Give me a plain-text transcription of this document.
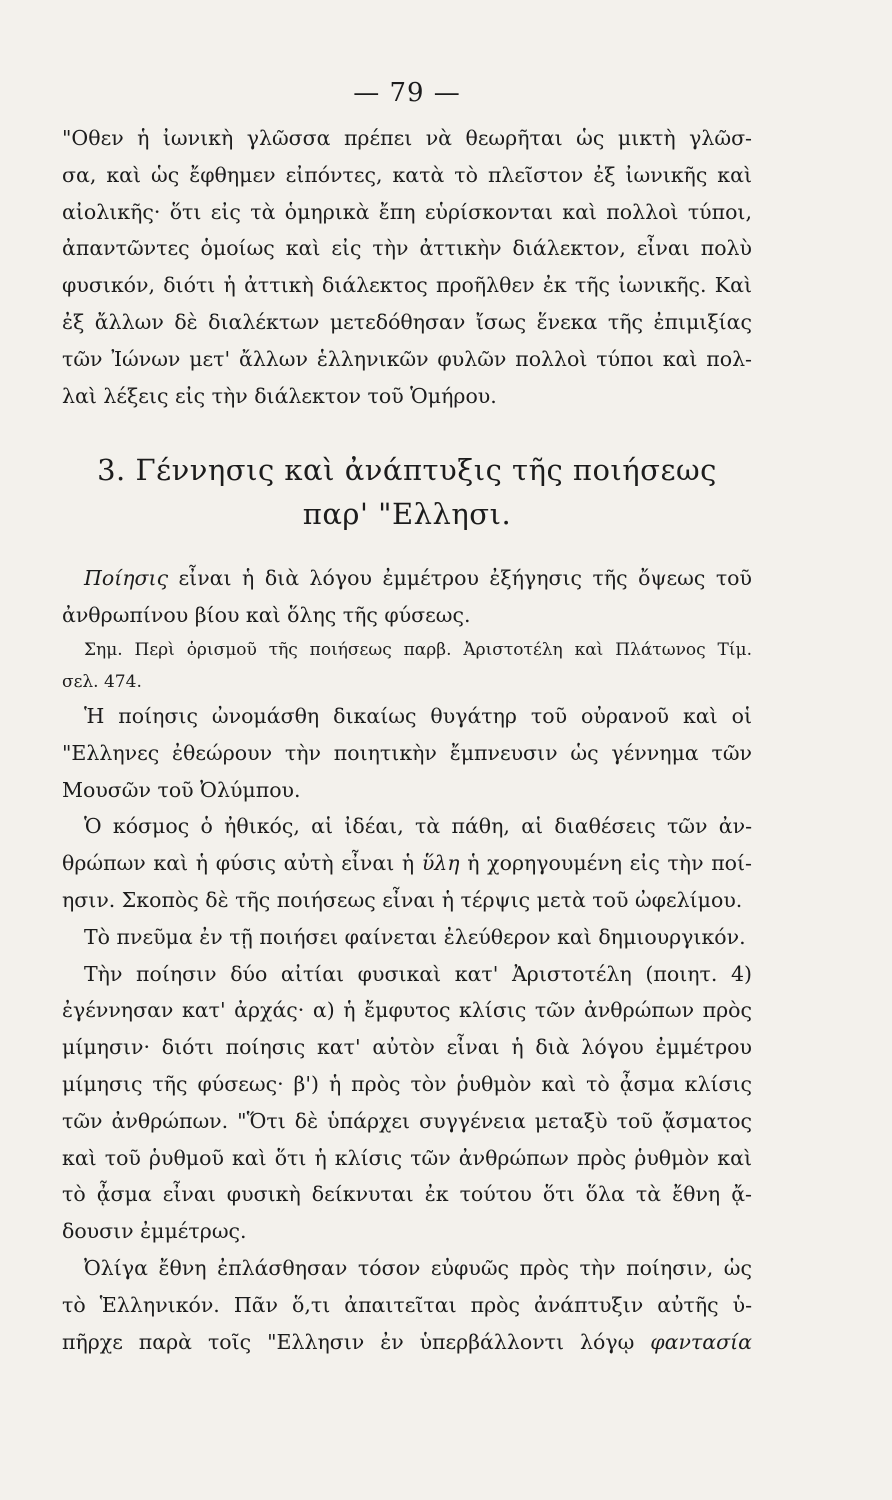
— 79 —
"Οθεν ἡ ἰωνικὴ γλῶσσα πρέπει νὰ θεωρῆται ὡς μικτὴ γλῶσ-
σα, καὶ ὡς ἔφθημεν εἰπόντες, κατὰ τὸ πλεῖστον ἐξ ἰωνικῆς καὶ
αἰολικῆς· ὅτι εἰς τὰ ὁμηρικὰ ἔπη εὑρίσκονται καὶ πολλοὶ τύποι,
ἀπαντῶντες ὁμοίως καὶ εἰς τὴν ἀττικὴν διάλεκτον, εἶναι πολὺ
φυσικόν, διότι ἡ ἀττικὴ διάλεκτος προῆλθεν ἐκ τῆς ἰωνικῆς. Καὶ
ἐξ ἄλλων δὲ διαλέκτων μετεδόθησαν ἴσως ἕνεκα τῆς ἐπιμιξίας
τῶν Ἰώνων μετ' ἄλλων ἑλληνικῶν φυλῶν πολλοὶ τύποι καὶ πολ-
λαὶ λέξεις εἰς τὴν διάλεκτον τοῦ Ὁμήρου.
3. Γέννησις καὶ ἀνάπτυξις τῆς ποιήσεως
παρ' "Ελλησι.
Ποίησις εἶναι ἡ διὰ λόγου ἐμμέτρου ἐξήγησις τῆς ὄψεως τοῦ
ἀνθρωπίνου βίου καὶ ὅλης τῆς φύσεως.
Σημ. Περὶ ὁρισμοῦ τῆς ποιήσεως παρβ. Ἀριστοτέλη καὶ Πλάτωνος Τίμ.
σελ. 474.
Ἡ ποίησις ὠνομάσθη δικαίως θυγάτηρ τοῦ οὐρανοῦ καὶ οἱ
"Ελληνες ἐθεώρουν τὴν ποιητικὴν ἔμπνευσιν ὡς γέννημα τῶν
Μουσῶν τοῦ Ὀλύμπου.
Ὁ κόσμος ὁ ἠθικός, αἱ ἰδέαι, τὰ πάθη, αἱ διαθέσεις τῶν ἀν-
θρώπων καὶ ἡ φύσις αὐτὴ εἶναι ἡ ὕλη ἡ χορηγουμένη εἰς τὴν ποί-
ησιν. Σκοπὸς δὲ τῆς ποιήσεως εἶναι ἡ τέρψις μετὰ τοῦ ὠφελίμου.
Τὸ πνεῦμα ἐν τῇ ποιήσει φαίνεται ἐλεύθερον καὶ δημιουργικόν.
Τὴν ποίησιν δύο αἰτίαι φυσικαὶ κατ' Ἀριστοτέλη (ποιητ. 4)
ἐγέννησαν κατ' ἀρχάς· α) ἡ ἔμφυτος κλίσις τῶν ἀνθρώπων πρὸς
μίμησιν· διότι ποίησις κατ' αὐτὸν εἶναι ἡ διὰ λόγου ἐμμέτρου
μίμησις τῆς φύσεως· β') ἡ πρὸς τὸν ῥυθμὸν καὶ τὸ ᾆσμα κλίσις
τῶν ἀνθρώπων. "Ὅτι δὲ ὑπάρχει συγγένεια μεταξὺ τοῦ ᾄσματος
καὶ τοῦ ῥυθμοῦ καὶ ὅτι ἡ κλίσις τῶν ἀνθρώπων πρὸς ῥυθμὸν καὶ
τὸ ᾆσμα εἶναι φυσικὴ δείκνυται ἐκ τούτου ὅτι ὅλα τὰ ἔθνη ᾄ-
δουσιν ἐμμέτρως.
Ὀλίγα ἔθνη ἐπλάσθησαν τόσον εὐφυῶς πρὸς τὴν ποίησιν, ὡς
τὸ Ἑλληνικόν. Πᾶν ὅ,τι ἀπαιτεῖται πρὸς ἀνάπτυξιν αὐτῆς ὑ-
πῆρχε παρὰ τοῖς "Ελλησιν ἐν ὑπερβάλλοντι λόγῳ φαντασία
